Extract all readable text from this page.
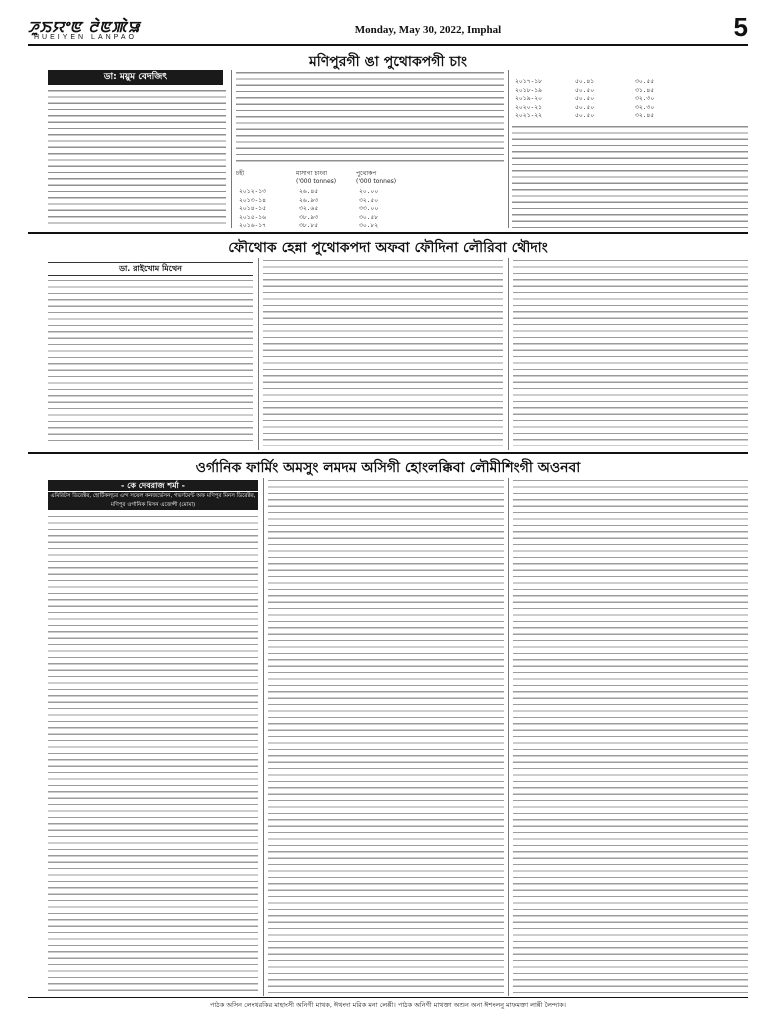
ꯍꯨꯏꯌꯦꯟ ꯂꯥꯟꯄꯥꯎ
HUEIYEN LANPAO
Monday, May 30, 2022, Imphal	5
মণিপুরগী ঙা পুথোকপগী চাং
ডা: ময়ুম বেদজিৎ
চহী	মাসাগা চাংবা	পুথোকপ
('000 tonnes)	('000 tonnes)
২০১২-১৩	২৬.৪৫	২০.০০
২০১৩-১৪	২৬.৯৩	৩২.৫০
২০১৪-১৫	৩২.৬৫	৩৩.০০
২০১৫-১৬	৩৮.৯৩	৩০.৫৮
২০১৬-১৭	৩৮.৮৫	৩০.৮২
২০১৭-১৮	৫০.৪১	৩০.৫৫
২০১৮-১৯	৫০.৫০	৩১.৪৫
২০১৯-২০	৫০.৫০	৩২.৩০
২০২০-২১	৫০.৫০	৩২.৩০
২০২১-২২	৫০.৫০	৩২.৪৫
ফৌথোক হেন্না পুথোকপদা অফবা ফৌদিনা লৌরিবা থৌদাং
ডা. রাইখোম মিথেন
ওর্গানিক ফার্মিং অমসুং লমদম অসিগী হোংলক্কিবা লৌমীশিংগী অওনবা
- কে দেবরাজ শর্মা -
এমিরিটস ডিরেক্টর, হোর্টিকল্চর এন্দ সয়েল কনজর্ভেসন, গভর্ণমেন্ট অফ মণিপুর মিনস ডিরেক্টর, মণিপুর ওর্গানিক মিসন এজেন্সী (মোমা)
পাঠক অসিন লেংথরকির মাহাংসী অনিগী মাথক, ঈথংদা মরিক মনা লেপ্পী। পাঠক অনিগী মাথক্তা অশুন অনা ঈশংলনু মাফমক্তা লান্নী লৈন্দাক।
